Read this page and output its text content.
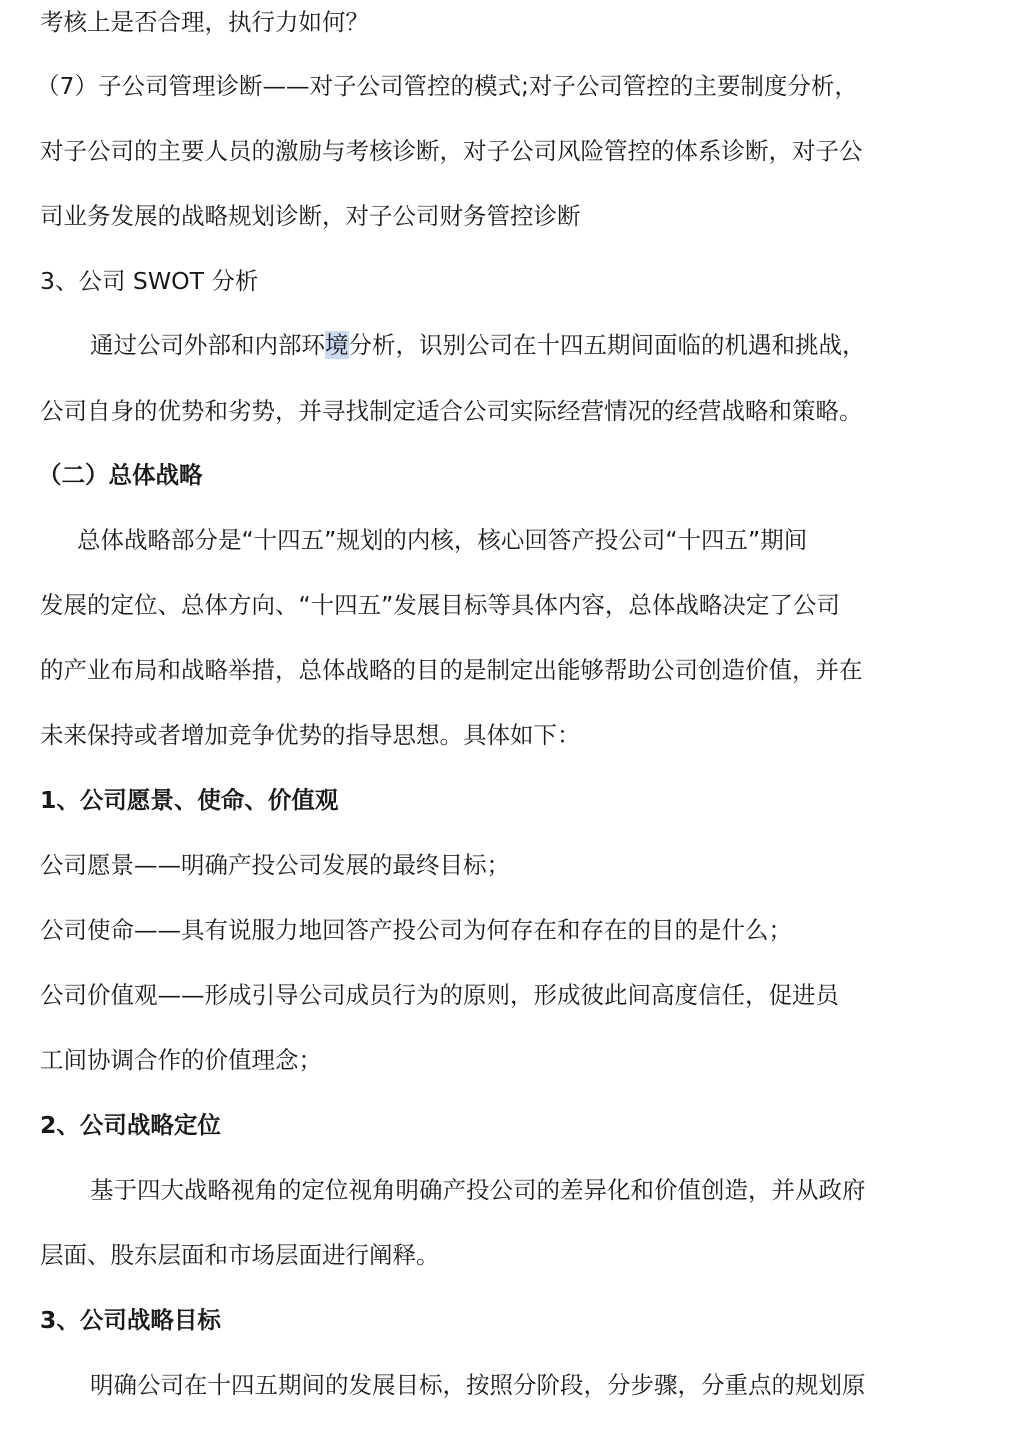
考核上是否合理，执行力如何？

（7）子公司管理诊断——对子公司管控的模式;对子公司管控的主要制度分析，

对子公司的主要人员的激励与考核诊断，对子公司风险管控的体系诊断，对子公

司业务发展的战略规划诊断，对子公司财务管控诊断

3、公司 SWOT 分析

通过公司外部和内部环境分析，识别公司在十四五期间面临的机遇和挑战，

公司自身的优势和劣势，并寻找制定适合公司实际经营情况的经营战略和策略。

（二）总体战略

总体战略部分是“十四五”规划的内核，核心回答产投公司“十四五”期间

发展的定位、总体方向、“十四五”发展目标等具体内容，总体战略决定了公司

的产业布局和战略举措，总体战略的目的是制定出能够帮助公司创造价值，并在

未来保持或者增加竞争优势的指导思想。具体如下：

1、公司愿景、使命、价值观

公司愿景——明确产投公司发展的最终目标；

公司使命——具有说服力地回答产投公司为何存在和存在的目的是什么；

公司价值观——形成引导公司成员行为的原则，形成彼此间高度信任，促进员

工间协调合作的价值理念；

2、公司战略定位

基于四大战略视角的定位视角明确产投公司的差异化和价值创造，并从政府

层面、股东层面和市场层面进行阐释。

3、公司战略目标

明确公司在十四五期间的发展目标，按照分阶段，分步骤，分重点的规划原
